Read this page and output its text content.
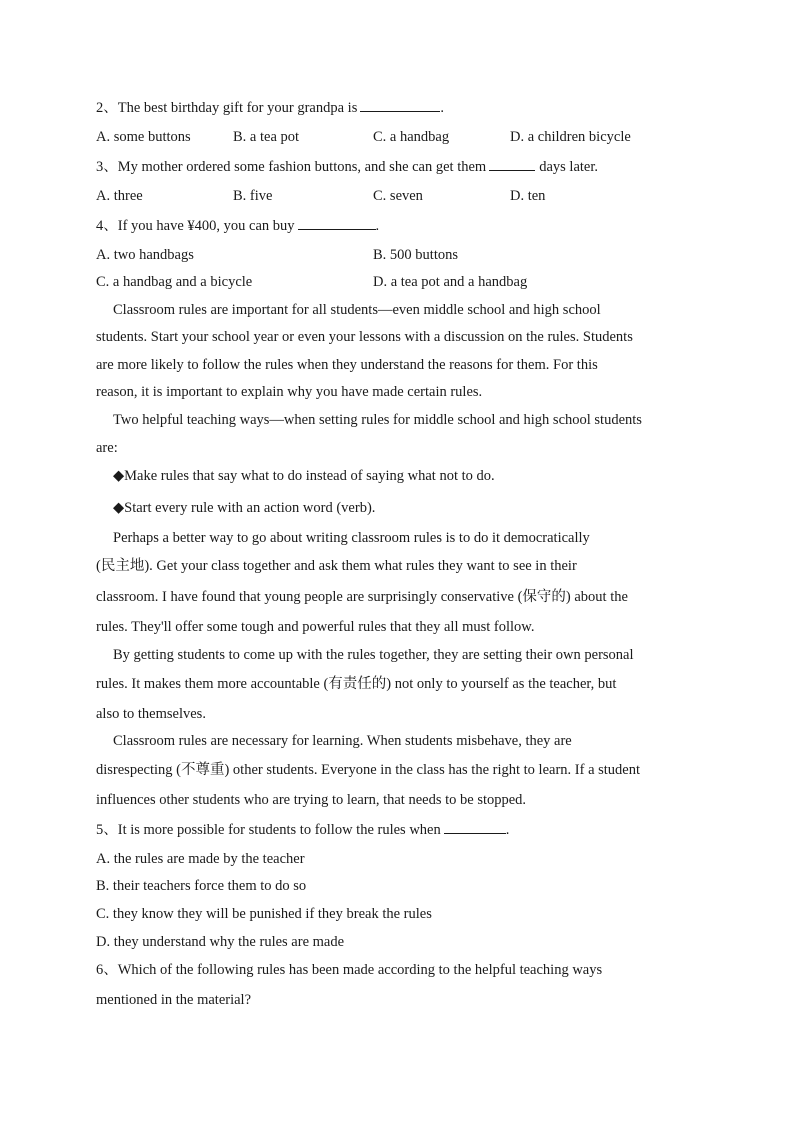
2、The best birthday gift for your grandpa is	.
A. some buttons	B. a tea pot	C. a handbag	D. a children bicycle
3、My mother ordered some fashion buttons, and she can get them	days later.
A. three	B. five	C. seven	D. ten
4、If you have ¥400, you can buy	.
A. two handbags	B. 500 buttons
C. a handbag and a bicycle	D. a tea pot and a handbag
Classroom rules are important for all students—even middle school and high school
students. Start your school year or even your lessons with a discussion on the rules. Students
are more likely to follow the rules when they understand the reasons for them. For this
reason, it is important to explain why you have made certain rules.
Two helpful teaching ways—when setting rules for middle school and high school students
are:
◆Make rules that say what to do instead of saying what not to do.
◆Start every rule with an action word (verb).
Perhaps a better way to go about writing classroom rules is to do it democratically
(民主地). Get your class together and ask them what rules they want to see in their
classroom. I have found that young people are surprisingly conservative (保守的) about the
rules. They'll offer some tough and powerful rules that they all must follow.
By getting students to come up with the rules together, they are setting their own personal
rules. It makes them more accountable (有责任的) not only to yourself as the teacher, but
also to themselves.
Classroom rules are necessary for learning. When students misbehave, they are
disrespecting (不尊重) other students. Everyone in the class has the right to learn. If a student
influences other students who are trying to learn, that needs to be stopped.
5、It is more possible for students to follow the rules when	.
A. the rules are made by the teacher
B. their teachers force them to do so
C. they know they will be punished if they break the rules
D. they understand why the rules are made
6、Which of the following rules has been made according to the helpful teaching ways
mentioned in the material?
